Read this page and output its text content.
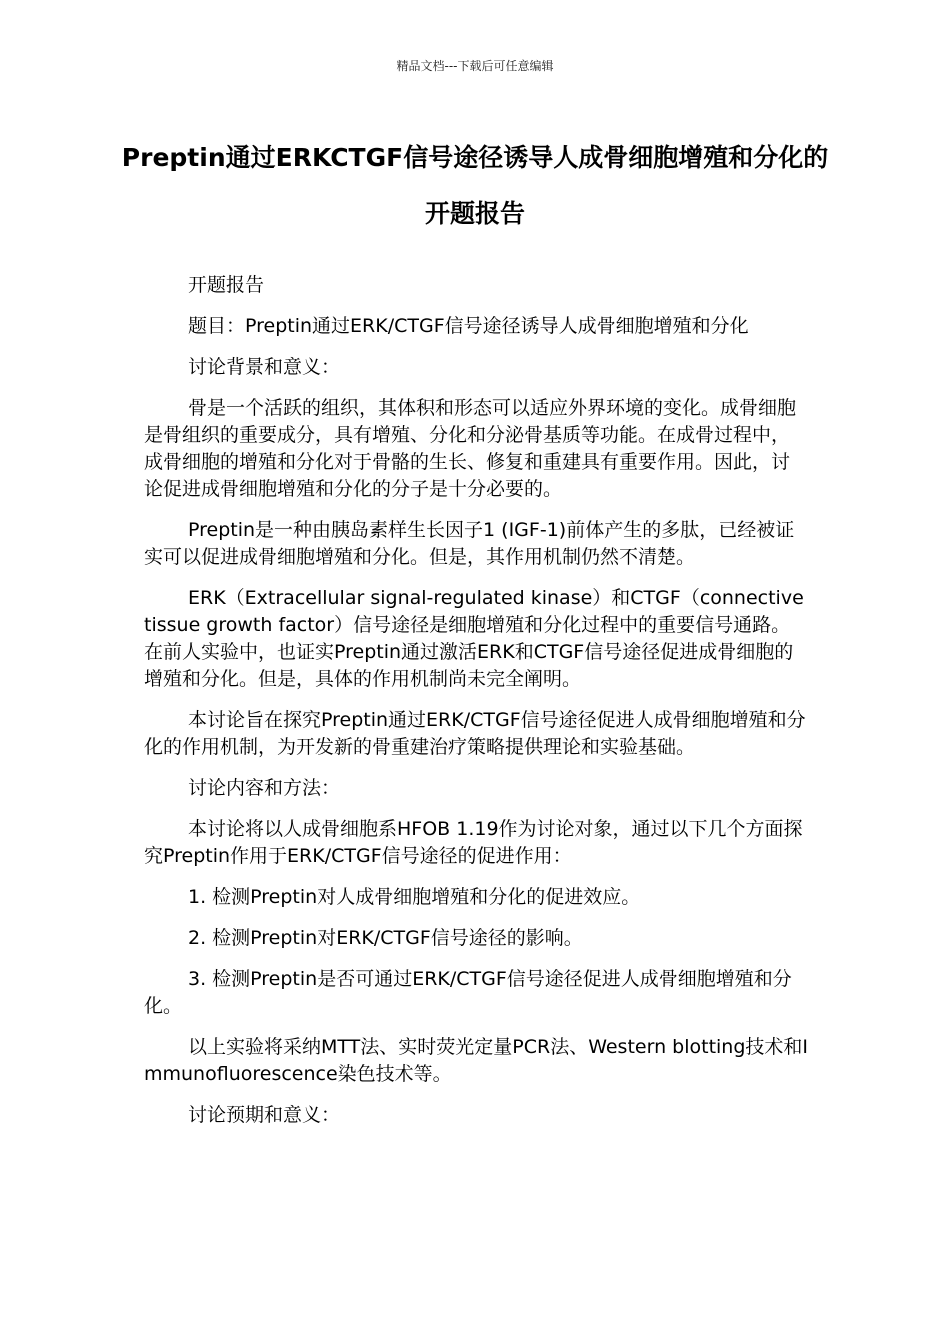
精品文档---下载后可任意编辑
Preptin通过ERKCTGF信号途径诱导人成骨细胞增殖和分化的开题报告

开题报告

题目：Preptin通过ERK/CTGF信号途径诱导人成骨细胞增殖和分化

讨论背景和意义：

骨是一个活跃的组织，其体积和形态可以适应外界环境的变化。成骨细胞是骨组织的重要成分，具有增殖、分化和分泌骨基质等功能。在成骨过程中，成骨细胞的增殖和分化对于骨骼的生长、修复和重建具有重要作用。因此，讨论促进成骨细胞增殖和分化的分子是十分必要的。

Preptin是一种由胰岛素样生长因子1 (IGF-1)前体产生的多肽，已经被证实可以促进成骨细胞增殖和分化。但是，其作用机制仍然不清楚。

ERK（Extracellular signal-regulated kinase）和CTGF（connective tissue growth factor）信号途径是细胞增殖和分化过程中的重要信号通路。在前人实验中，也证实Preptin通过激活ERK和CTGF信号途径促进成骨细胞的增殖和分化。但是，具体的作用机制尚未完全阐明。

本讨论旨在探究Preptin通过ERK/CTGF信号途径促进人成骨细胞增殖和分化的作用机制，为开发新的骨重建治疗策略提供理论和实验基础。

讨论内容和方法：

本讨论将以人成骨细胞系HFOB 1.19作为讨论对象，通过以下几个方面探究Preptin作用于ERK/CTGF信号途径的促进作用：

1. 检测Preptin对人成骨细胞增殖和分化的促进效应。

2. 检测Preptin对ERK/CTGF信号途径的影响。

3. 检测Preptin是否可通过ERK/CTGF信号途径促进人成骨细胞增殖和分化。

以上实验将采纳MTT法、实时荧光定量PCR法、Western blotting技术和Immunofluorescence染色技术等。

讨论预期和意义：
